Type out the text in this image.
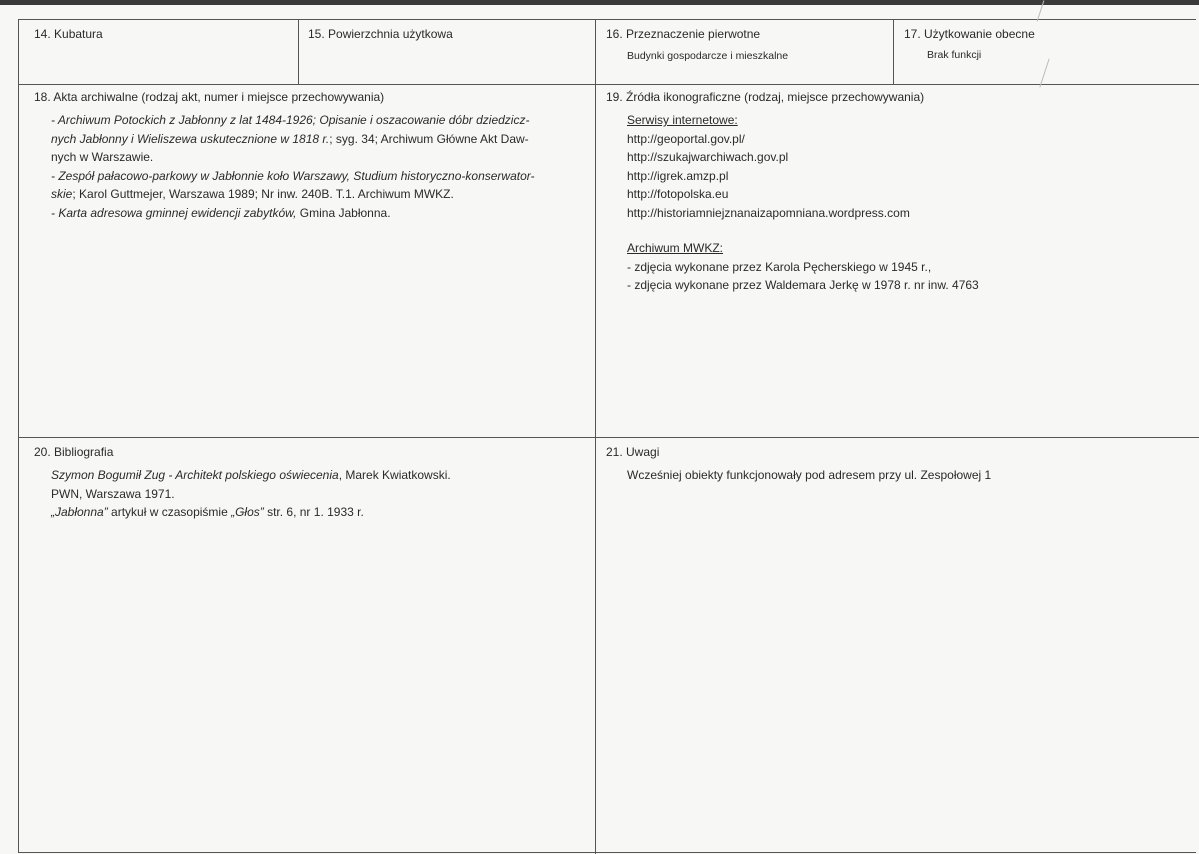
14. Kubatura	15. Powierzchnia użytkowa	16. Przeznaczenie pierwotne
Budynki gospodarcze i mieszkalne
17. Użytkowanie obecne
Brak funkcji
18. Akta archiwalne (rodzaj akt, numer i miejsce przechowywania)

- Archiwum Potockich z Jabłonny z lat 1484-1926; Opisanie i oszacowanie dóbr dziedzicz-

nych Jabłonny i Wieliszewa uskutecznione w 1818 r.; syg. 34; Archiwum Główne Akt Daw-

nych w Warszawie.

- Zespół pałacowo-parkowy w Jabłonnie koło Warszawy, Studium historyczno-konserwator-

skie; Karol Guttmejer, Warszawa 1989; Nr inw. 240B. T.1. Archiwum MWKZ.

- Karta adresowa gminnej ewidencji zabytków, Gmina Jabłonna.

19. Źródła ikonograficzne (rodzaj, miejsce przechowywania)

Serwisy internetowe:

http://geoportal.gov.pl/

http://szukajwarchiwach.gov.pl

http://igrek.amzp.pl

http://fotopolska.eu

http://historiamniejznanaizapomniana.wordpress.com

Archiwum MWKZ:

- zdjęcia wykonane przez Karola Pęcherskiego w 1945 r.,

- zdjęcia wykonane przez Waldemara Jerkę w 1978 r. nr inw. 4763

20. Bibliografia

Szymon Bogumił Zug - Architekt polskiego oświecenia, Marek Kwiatkowski.

PWN, Warszawa 1971.

„Jabłonna” artykuł w czasopiśmie „Głos” str. 6, nr 1. 1933 r.

21. Uwagi

Wcześniej obiekty funkcjonowały pod adresem przy ul. Zespołowej 1
